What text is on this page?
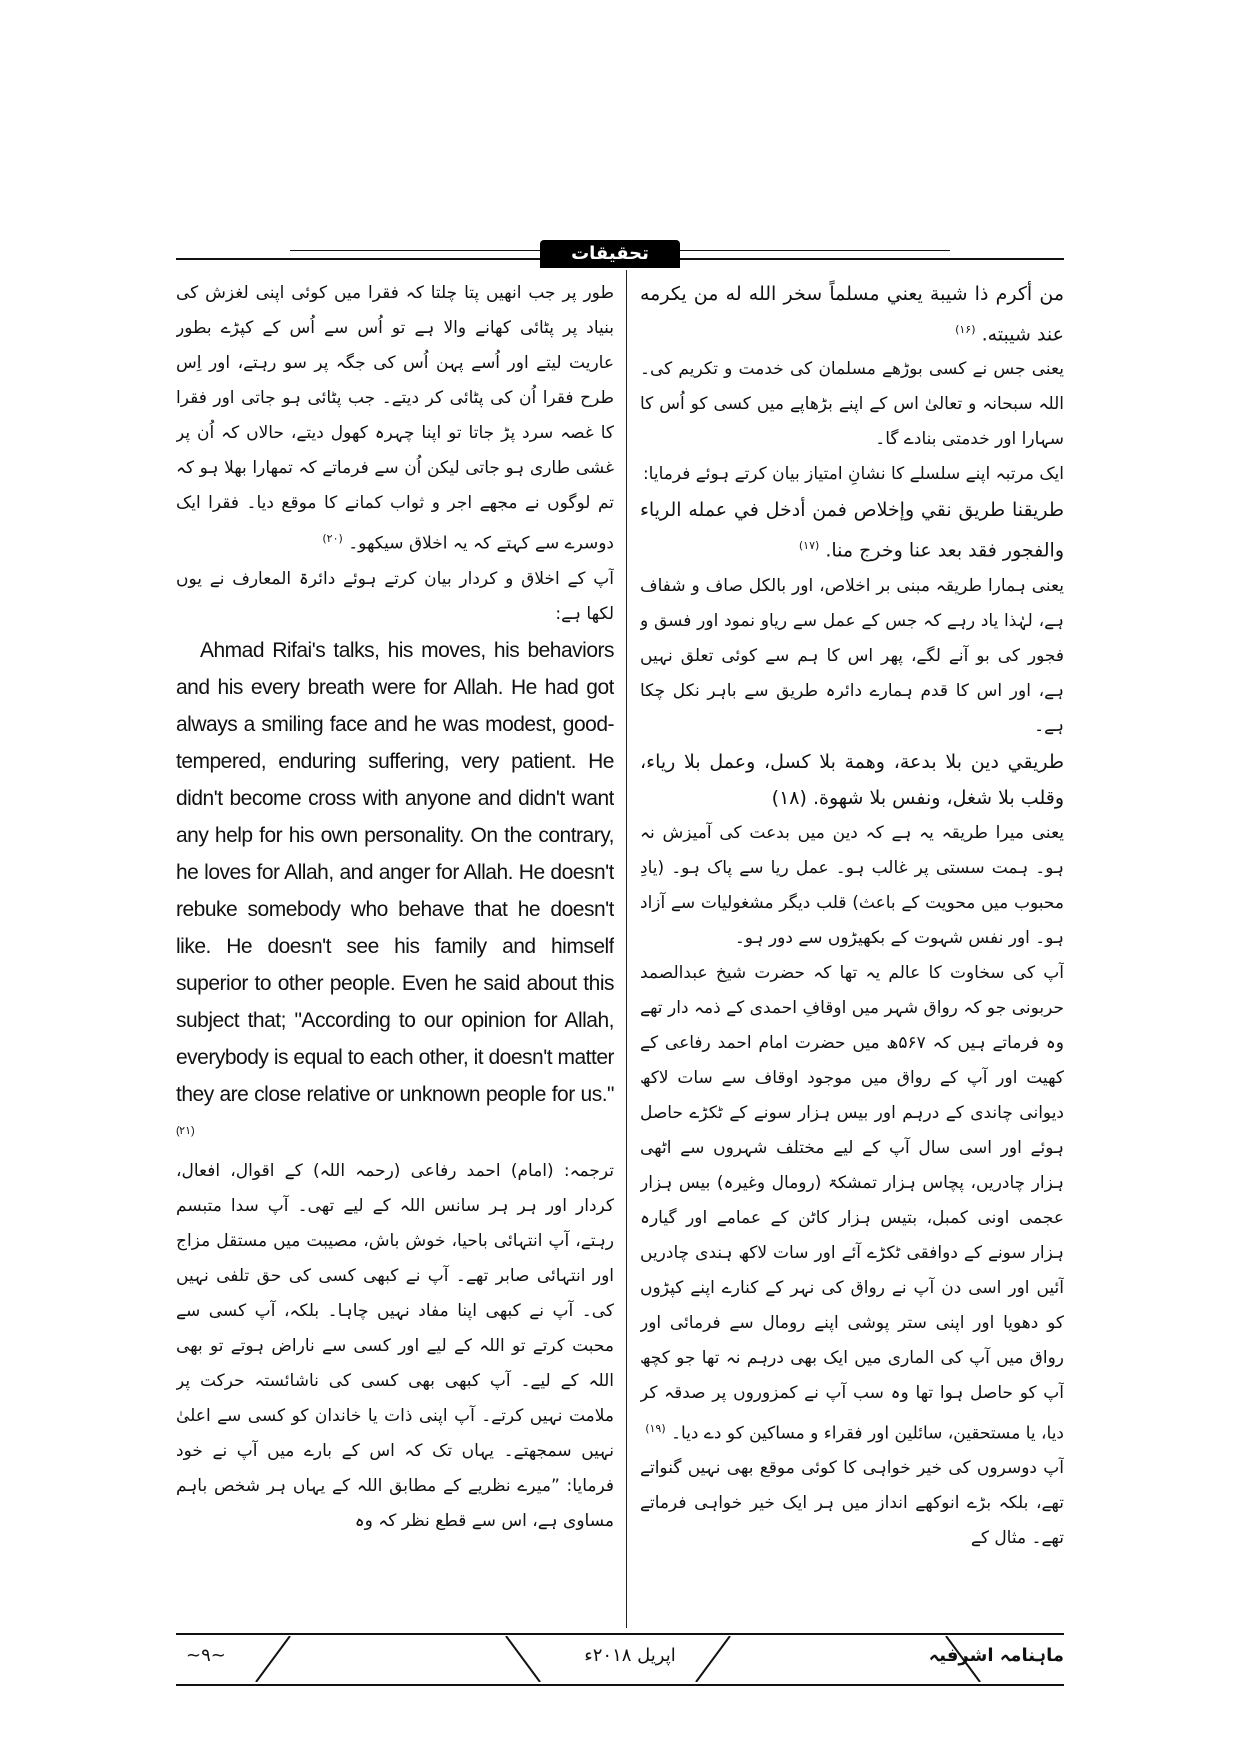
تحقیقات

من أكرم ذا شيبة يعني مسلماً سخر الله له من يكرمه عند شيبته. $^{(۱۶)}$

یعنی جس نے کسی بوڑھے مسلمان کی خدمت و تکریم کی۔ اللہ سبحانہ و تعالیٰ اس کے اپنے بڑھاپے میں کسی کو اُس کا سہارا اور خدمتی بنادے گا۔

ایک مرتبہ اپنے سلسلے کا نشانِ امتیاز بیان کرتے ہوئے فرمایا:

طريقنا طريق نقي وإخلاص فمن أدخل في عمله الرياء والفجور فقد بعد عنا وخرج منا. $^{(۱۷)}$

یعنی ہمارا طریقہ مبنی بر اخلاص، اور بالکل صاف و شفاف ہے، لہٰذا یاد رہے کہ جس کے عمل سے ریاو نمود اور فسق و فجور کی بو آنے لگے، پھر اس کا ہم سے کوئی تعلق نہیں ہے، اور اس کا قدم ہمارے دائرہ طریق سے باہر نکل چکا ہے۔

طريقي دين بلا بدعة، وهمة بلا كسل، وعمل بلا رياء، وقلب بلا شغل، ونفس بلا شهوة. (۱۸)

یعنی میرا طریقہ یہ ہے کہ دین میں بدعت کی آمیزش نہ ہو۔ ہمت سستی پر غالب ہو۔ عمل ریا سے پاک ہو۔ (یادِ محبوب میں محویت کے باعث) قلب دیگر مشغولیات سے آزاد ہو۔ اور نفس شہوت کے بکھیڑوں سے دور ہو۔

آپ کی سخاوت کا عالم یہ تھا کہ حضرت شیخ عبدالصمد حربونی جو کہ رواق شہر میں اوقافِ احمدی کے ذمہ دار تھے وہ فرماتے ہیں کہ ۵۶۷ھ میں حضرت امام احمد رفاعی کے کھیت اور آپ کے رواق میں موجود اوقاف سے سات لاکھ دیوانی چاندی کے درہم اور بیس ہزار سونے کے ٹکڑے حاصل ہوئے اور اسی سال آپ کے لیے مختلف شہروں سے اٹھی ہزار چادریں، پچاس ہزار تمشکۃ (رومال وغیرہ) بیس ہزار عجمی اونی کمبل، بتیس ہزار کاٹن کے عمامے اور گیارہ ہزار سونے کے دوافقی ٹکڑے آئے اور سات لاکھ ہندی چادریں آئیں اور اسی دن آپ نے رواق کی نہر کے کنارے اپنے کپڑوں کو دھویا اور اپنی ستر پوشی اپنے رومال سے فرمائی اور رواق میں آپ کی الماری میں ایک بھی درہم نہ تھا جو کچھ آپ کو حاصل ہوا تھا وہ سب آپ نے کمزوروں پر صدقہ کر دیا، یا مستحقین، سائلین اور فقراء و مساکین کو دے دیا۔ $^{(۱۹)}$

آپ دوسروں کی خیر خواہی کا کوئی موقع بھی نہیں گنواتے تھے، بلکہ بڑے انوکھے انداز میں ہر ایک خیر خواہی فرماتے تھے۔ مثال کے

طور پر جب انھیں پتا چلتا کہ فقرا میں کوئی اپنی لغزش کی بنیاد پر پٹائی کھانے والا ہے تو اُس سے اُس کے کپڑے بطور عاریت لیتے اور اُسے پہن اُس کی جگہ پر سو رہتے، اور اِس طرح فقرا اُن کی پٹائی کر دیتے۔ جب پٹائی ہو جاتی اور فقرا کا غصہ سرد پڑ جاتا تو اپنا چہرہ کھول دیتے، حالاں کہ اُن پر غشی طاری ہو جاتی لیکن اُن سے فرماتے کہ تمھارا بھلا ہو کہ تم لوگوں نے مجھے اجر و ثواب کمانے کا موقع دیا۔ فقرا ایک دوسرے سے کہتے کہ یہ اخلاق سیکھو۔ $^{(۲۰)}$

آپ کے اخلاق و کردار بیان کرتے ہوئے دائرۃ المعارف نے یوں لکھا ہے:

Ahmad Rifai's talks, his moves, his behaviors and his every breath were for Allah. He had got always a smiling face and he was modest, good-tempered, enduring suffering, very patient. He didn't become cross with anyone and didn't want any help for his own personality. On the contrary, he loves for Allah, and anger for Allah. He doesn't rebuke somebody who behave that he doesn't like. He doesn't see his family and himself superior to other people. Even he said about this subject that; "According to our opinion for Allah, everybody is equal to each other, it doesn't matter they are close relative or unknown people for us."$^{(۲۱)}$

ترجمہ: (امام) احمد رفاعی (رحمہ اللہ) کے اقوال، افعال، کردار اور ہر ہر سانس اللہ کے لیے تھی۔ آپ سدا متبسم رہتے، آپ انتہائی باحیا، خوش باش، مصیبت میں مستقل مزاج اور انتہائی صابر تھے۔ آپ نے کبھی کسی کی حق تلفی نہیں کی۔ آپ نے کبھی اپنا مفاد نہیں چاہا۔ بلکہ، آپ کسی سے محبت کرتے تو اللہ کے لیے اور کسی سے ناراض ہوتے تو بھی اللہ کے لیے۔ آپ کبھی بھی کسی کی ناشائستہ حرکت پر ملامت نہیں کرتے۔ آپ اپنی ذات یا خاندان کو کسی سے اعلیٰ نہیں سمجھتے۔ یہاں تک کہ اس کے بارے میں آپ نے خود فرمایا: ”میرے نظریے کے مطابق اللہ کے یہاں ہر شخص باہم مساوی ہے، اس سے قطع نظر کہ وہ

~۹~	اپریل ۲۰۱۸ء	ماہنامہ اشرفیہ
